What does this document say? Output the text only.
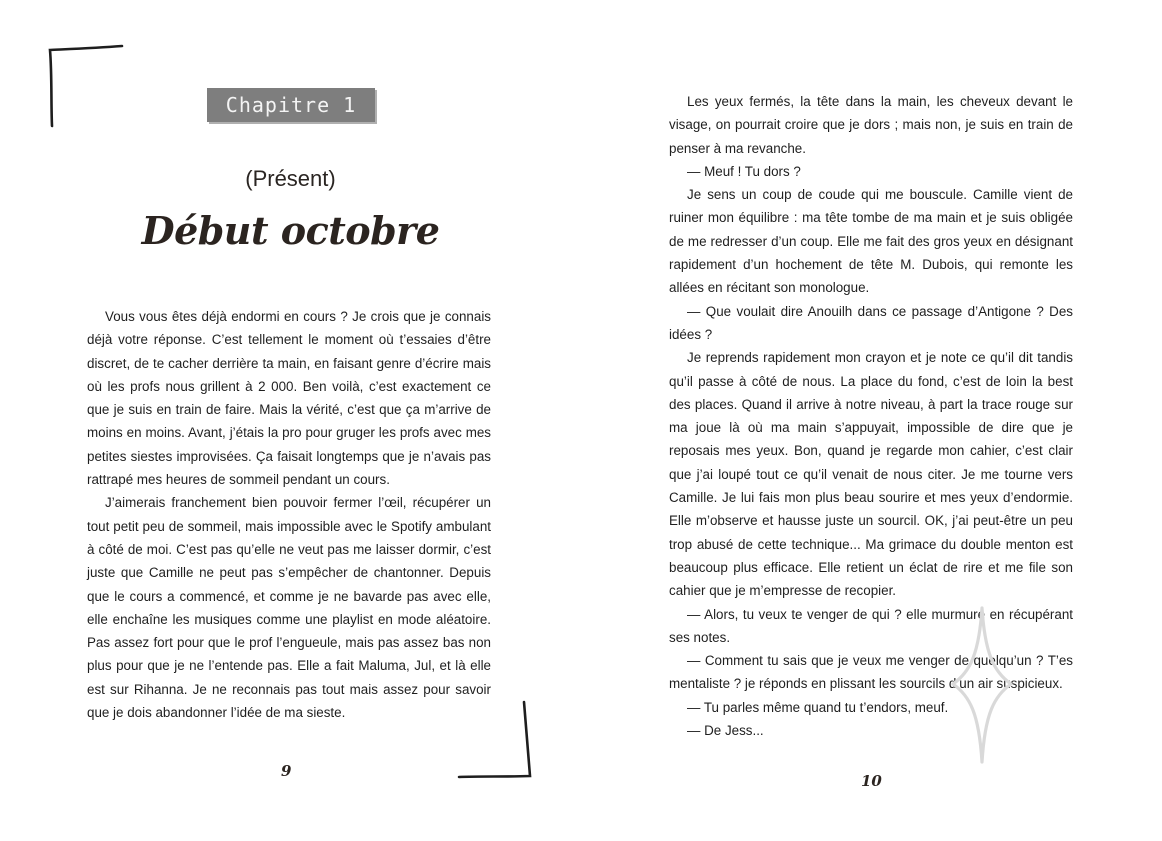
Chapitre 1
(Présent)
Début octobre

Vous vous êtes déjà endormi en cours ? Je crois que je connais déjà votre réponse. C’est tellement le moment où t’essaies d’être discret, de te cacher derrière ta main, en faisant genre d’écrire mais où les profs nous grillent à 2 000. Ben voilà, c’est exactement ce que je suis en train de faire. Mais la vérité, c’est que ça m’arrive de moins en moins. Avant, j’étais la pro pour gruger les profs avec mes petites siestes improvisées. Ça faisait longtemps que je n’avais pas rattrapé mes heures de sommeil pendant un cours.

J’aimerais franchement bien pouvoir fermer l’œil, récupérer un tout petit peu de sommeil, mais impossible avec le Spotify ambulant à côté de moi. C’est pas qu’elle ne veut pas me laisser dormir, c’est juste que Camille ne peut pas s’empêcher de chantonner. Depuis que le cours a commencé, et comme je ne bavarde pas avec elle, elle enchaîne les musiques comme une playlist en mode aléatoire. Pas assez fort pour que le prof l’engueule, mais pas assez bas non plus pour que je ne l’entende pas. Elle a fait Maluma, Jul, et là elle est sur Rihanna. Je ne reconnais pas tout mais assez pour savoir que je dois abandonner l’idée de ma sieste.

9

Les yeux fermés, la tête dans la main, les cheveux devant le visage, on pourrait croire que je dors ; mais non, je suis en train de penser à ma revanche.

— Meuf ! Tu dors ?

Je sens un coup de coude qui me bouscule. Camille vient de ruiner mon équilibre : ma tête tombe de ma main et je suis obligée de me redresser d’un coup. Elle me fait des gros yeux en désignant rapidement d’un hochement de tête M. Dubois, qui remonte les allées en récitant son monologue.

— Que voulait dire Anouilh dans ce passage d’Antigone ? Des idées ?

Je reprends rapidement mon crayon et je note ce qu’il dit tandis qu’il passe à côté de nous. La place du fond, c’est de loin la best des places. Quand il arrive à notre niveau, à part la trace rouge sur ma joue là où ma main s’appuyait, impossible de dire que je reposais mes yeux. Bon, quand je regarde mon cahier, c’est clair que j’ai loupé tout ce qu’il venait de nous citer. Je me tourne vers Camille. Je lui fais mon plus beau sourire et mes yeux d’endormie. Elle m’observe et hausse juste un sourcil. OK, j’ai peut-être un peu trop abusé de cette technique... Ma grimace du double menton est beaucoup plus efficace. Elle retient un éclat de rire et me file son cahier que je m’empresse de recopier.

— Alors, tu veux te venger de qui ? elle murmure en récupérant ses notes.

— Comment tu sais que je veux me venger de quelqu’un ? T’es mentaliste ? je réponds en plissant les sourcils d’un air suspicieux.

— Tu parles même quand tu t’endors, meuf.

— De Jess...

10
